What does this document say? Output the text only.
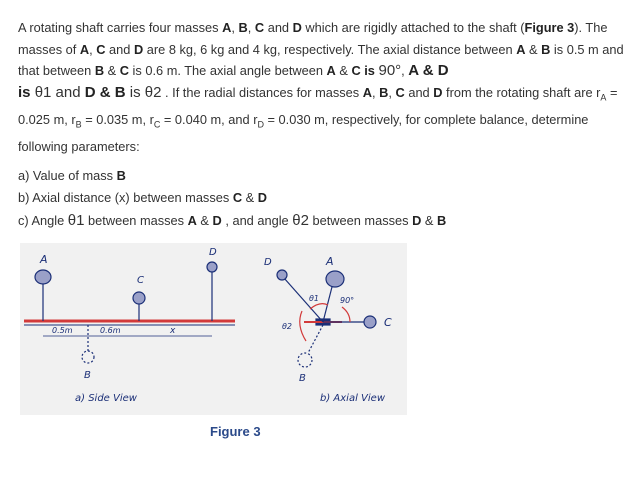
A rotating shaft carries four masses A, B, C and D which are rigidly attached to the shaft (Figure 3). The masses of A, C and D are 8 kg, 6 kg and 4 kg, respectively. The axial distance between A & B is 0.5 m and that between B & C is 0.6 m. The axial angle between A & C is 90°, A & D
is θ1 and D & B is θ2 . If the radial distances for masses A, B, C and D from the rotating shaft are $r_A = 0.025$ m, $r_B = 0.035$ m, $r_C = 0.040$ m, and $r_D = 0.030$ m, respectively, for complete balance, determine following parameters:
a) Value of mass B
b) Axial distance (x) between masses C & D
c) Angle θ1 between masses A & D , and angle θ2 between masses D & B
A
C
D
B
0.5m	0.6m	x
a) Side View
A
D
C
B
θ1	90°
θ2
b) Axial View
Figure 3
